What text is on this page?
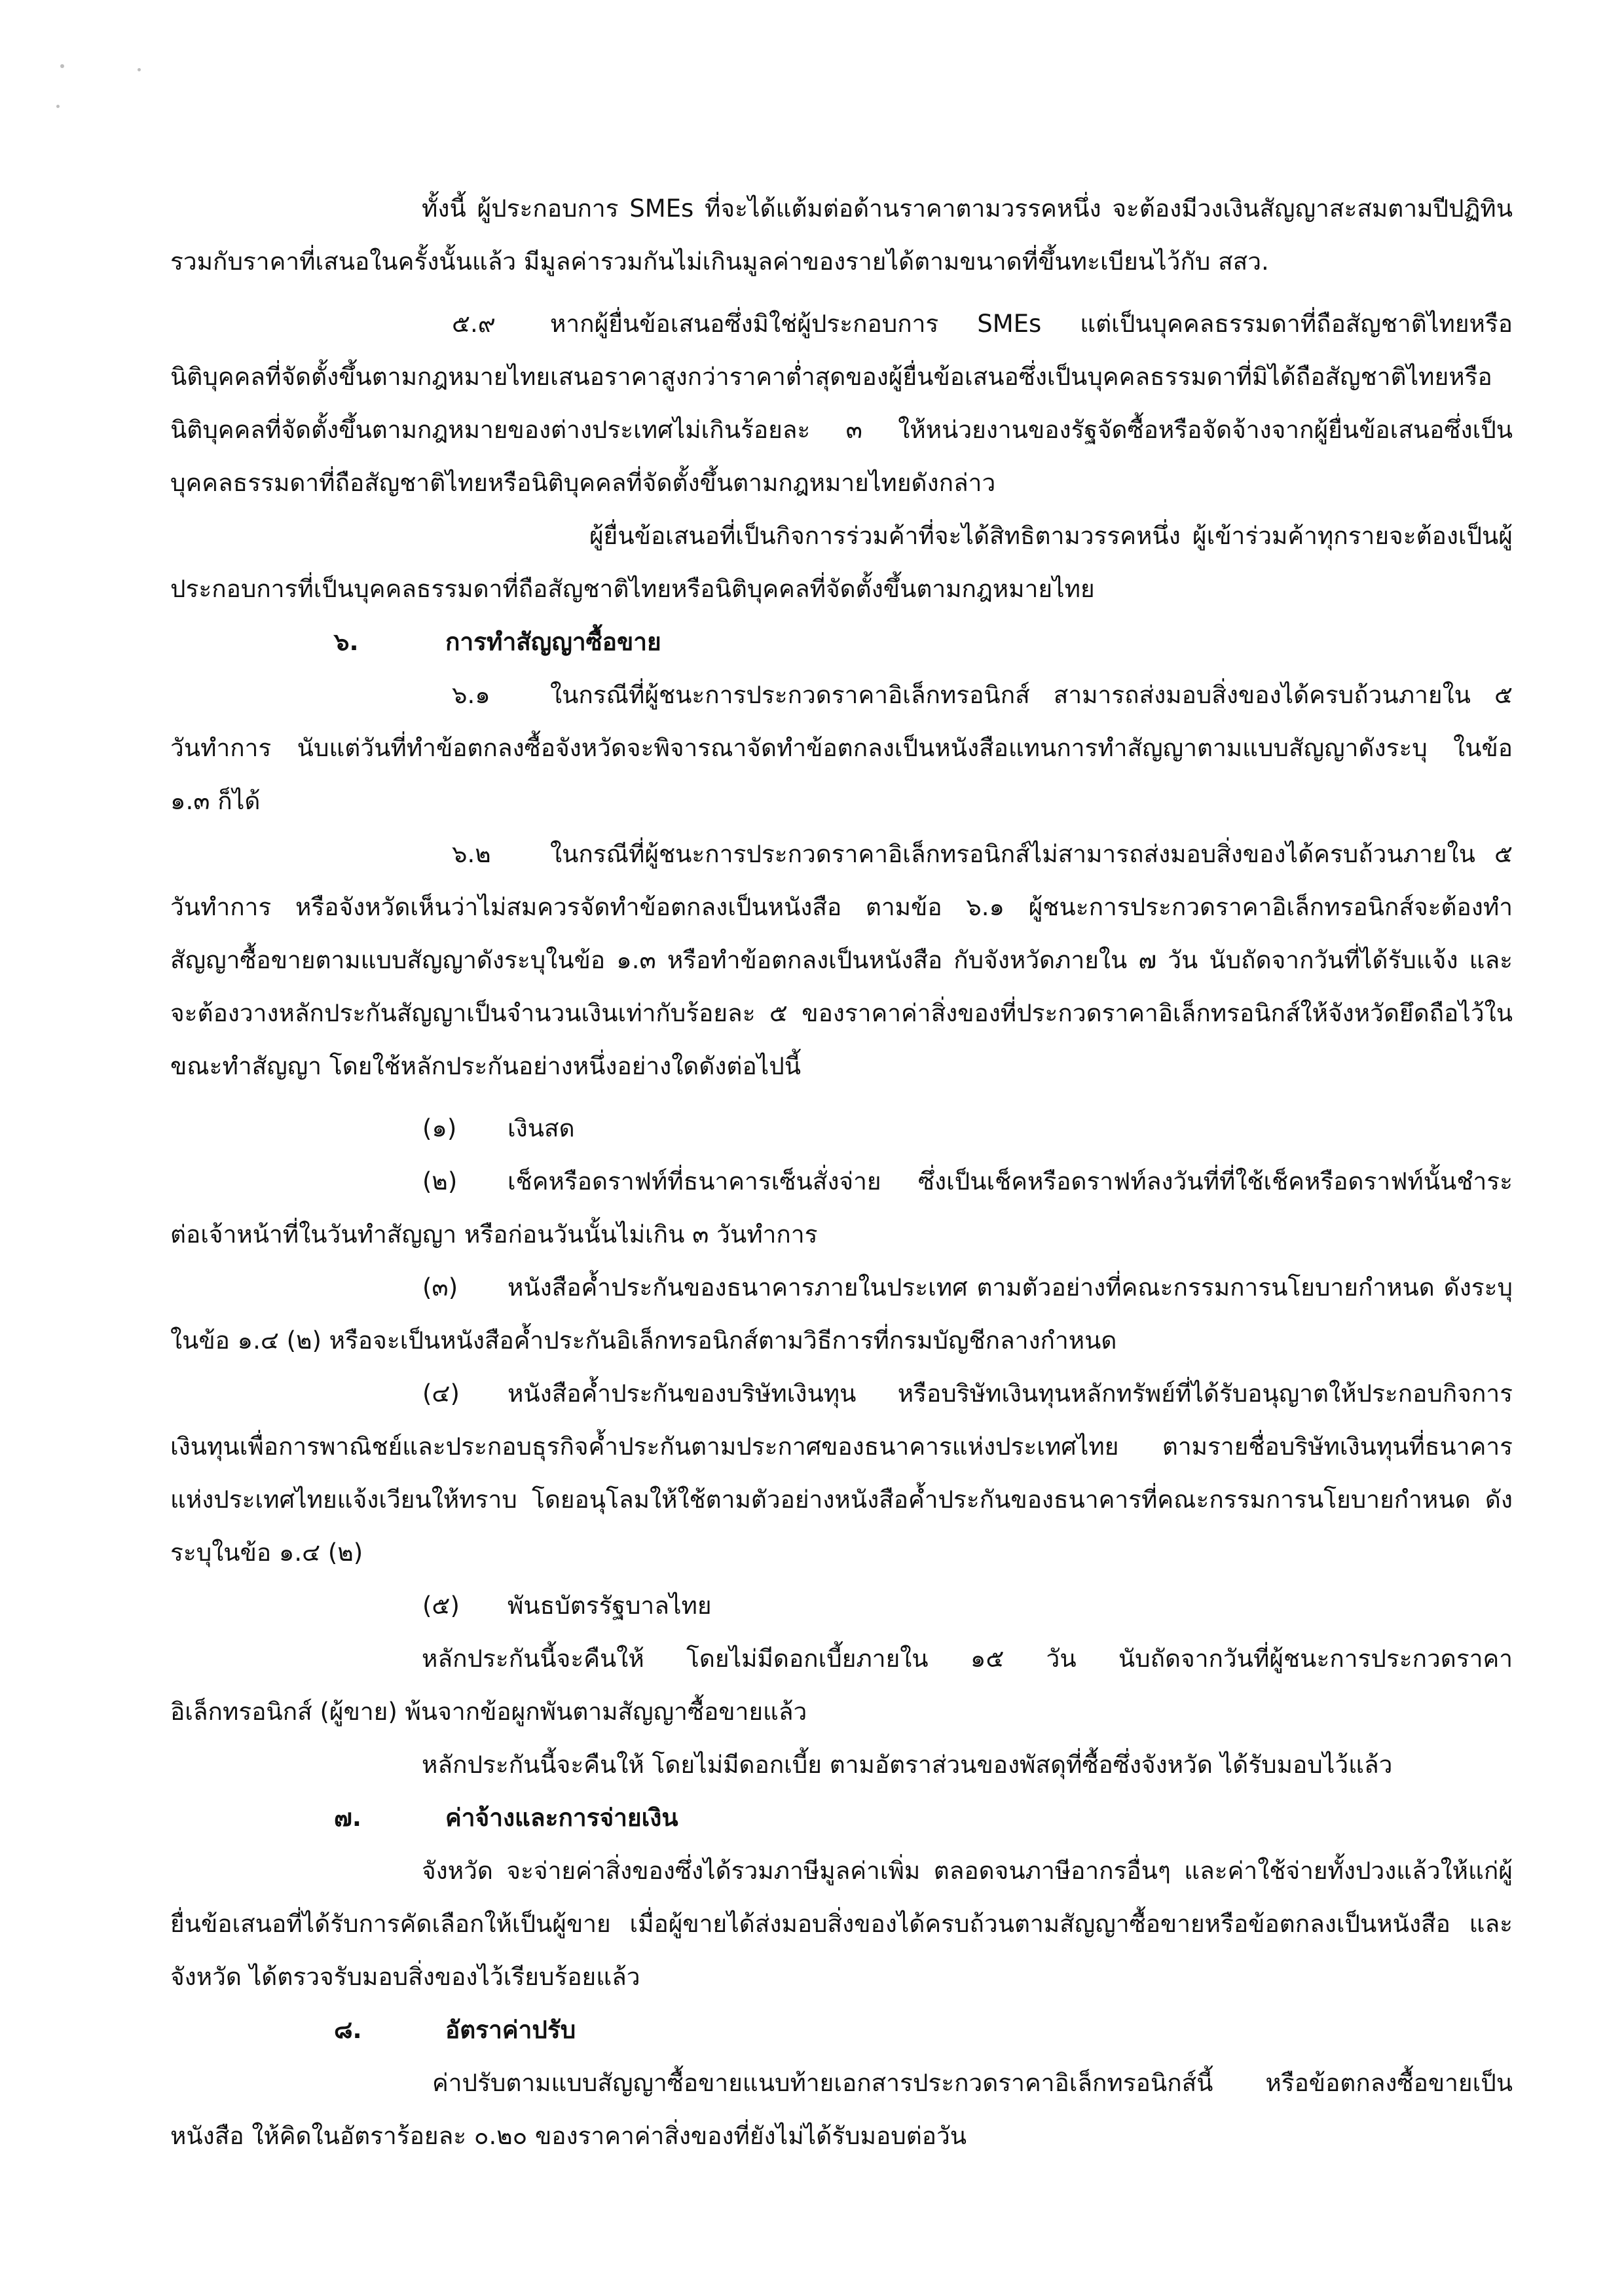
ทั้งนี้ ผู้ประกอบการ SMEs ที่จะได้แต้มต่อด้านราคาตามวรรคหนึ่ง จะต้องมีวงเงินสัญญาสะสมตามปีปฏิทินรวมกับราคาที่เสนอในครั้งนั้นแล้ว มีมูลค่ารวมกันไม่เกินมูลค่าของรายได้ตามขนาดที่ขึ้นทะเบียนไว้กับ สสว.

๕.๙ หากผู้ยื่นข้อเสนอซึ่งมิใช่ผู้ประกอบการ SMEs แต่เป็นบุคคลธรรมดาที่ถือสัญชาติไทยหรือนิติบุคคลที่จัดตั้งขึ้นตามกฎหมายไทยเสนอราคาสูงกว่าราคาต่ำสุดของผู้ยื่นข้อเสนอซึ่งเป็นบุคคลธรรมดาที่มิได้ถือสัญชาติไทยหรือนิติบุคคลที่จัดตั้งขึ้นตามกฎหมายของต่างประเทศไม่เกินร้อยละ ๓ ให้หน่วยงานของรัฐจัดซื้อหรือจัดจ้างจากผู้ยื่นข้อเสนอซึ่งเป็นบุคคลธรรมดาที่ถือสัญชาติไทยหรือนิติบุคคลที่จัดตั้งขึ้นตามกฎหมายไทยดังกล่าว

ผู้ยื่นข้อเสนอที่เป็นกิจการร่วมค้าที่จะได้สิทธิตามวรรคหนึ่ง ผู้เข้าร่วมค้าทุกรายจะต้องเป็นผู้ประกอบการที่เป็นบุคคลธรรมดาที่ถือสัญชาติไทยหรือนิติบุคคลที่จัดตั้งขึ้นตามกฎหมายไทย

๖.	การทำสัญญาซื้อขาย

๖.๑ ในกรณีที่ผู้ชนะการประกวดราคาอิเล็กทรอนิกส์ สามารถส่งมอบสิ่งของได้ครบถ้วนภายใน ๕ วันทำการ นับแต่วันที่ทำข้อตกลงซื้อจังหวัดจะพิจารณาจัดทำข้อตกลงเป็นหนังสือแทนการทำสัญญาตามแบบสัญญาดังระบุ ในข้อ ๑.๓ ก็ได้

๖.๒ ในกรณีที่ผู้ชนะการประกวดราคาอิเล็กทรอนิกส์ไม่สามารถส่งมอบสิ่งของได้ครบถ้วนภายใน ๕ วันทำการ หรือจังหวัดเห็นว่าไม่สมควรจัดทำข้อตกลงเป็นหนังสือ ตามข้อ ๖.๑ ผู้ชนะการประกวดราคาอิเล็กทรอนิกส์จะต้องทำสัญญาซื้อขายตามแบบสัญญาดังระบุในข้อ ๑.๓ หรือทำข้อตกลงเป็นหนังสือ กับจังหวัดภายใน ๗ วัน นับถัดจากวันที่ได้รับแจ้ง และจะต้องวางหลักประกันสัญญาเป็นจำนวนเงินเท่ากับร้อยละ ๕ ของราคาค่าสิ่งของที่ประกวดราคาอิเล็กทรอนิกส์ให้จังหวัดยึดถือไว้ในขณะทำสัญญา โดยใช้หลักประกันอย่างหนึ่งอย่างใดดังต่อไปนี้

(๑) เงินสด

(๒) เช็คหรือดราฟท์ที่ธนาคารเซ็นสั่งจ่าย ซึ่งเป็นเช็คหรือดราฟท์ลงวันที่ที่ใช้เช็คหรือดราฟท์นั้นชำระต่อเจ้าหน้าที่ในวันทำสัญญา หรือก่อนวันนั้นไม่เกิน ๓ วันทำการ

(๓) หนังสือค้ำประกันของธนาคารภายในประเทศ ตามตัวอย่างที่คณะกรรมการนโยบายกำหนด ดังระบุในข้อ ๑.๔ (๒) หรือจะเป็นหนังสือค้ำประกันอิเล็กทรอนิกส์ตามวิธีการที่กรมบัญชีกลางกำหนด

(๔) หนังสือค้ำประกันของบริษัทเงินทุน หรือบริษัทเงินทุนหลักทรัพย์ที่ได้รับอนุญาตให้ประกอบกิจการเงินทุนเพื่อการพาณิชย์และประกอบธุรกิจค้ำประกันตามประกาศของธนาคารแห่งประเทศไทย ตามรายชื่อบริษัทเงินทุนที่ธนาคารแห่งประเทศไทยแจ้งเวียนให้ทราบ โดยอนุโลมให้ใช้ตามตัวอย่างหนังสือค้ำประกันของธนาคารที่คณะกรรมการนโยบายกำหนด ดังระบุในข้อ ๑.๔ (๒)

(๕) พันธบัตรรัฐบาลไทย

หลักประกันนี้จะคืนให้ โดยไม่มีดอกเบี้ยภายใน ๑๕ วัน นับถัดจากวันที่ผู้ชนะการประกวดราคาอิเล็กทรอนิกส์ (ผู้ขาย) พ้นจากข้อผูกพันตามสัญญาซื้อขายแล้ว

หลักประกันนี้จะคืนให้ โดยไม่มีดอกเบี้ย ตามอัตราส่วนของพัสดุที่ซื้อซึ่งจังหวัด ได้รับมอบไว้แล้ว

๗.	ค่าจ้างและการจ่ายเงิน

จังหวัด จะจ่ายค่าสิ่งของซึ่งได้รวมภาษีมูลค่าเพิ่ม ตลอดจนภาษีอากรอื่นๆ และค่าใช้จ่ายทั้งปวงแล้วให้แก่ผู้ยื่นข้อเสนอที่ได้รับการคัดเลือกให้เป็นผู้ขาย เมื่อผู้ขายได้ส่งมอบสิ่งของได้ครบถ้วนตามสัญญาซื้อขายหรือข้อตกลงเป็นหนังสือ และจังหวัด ได้ตรวจรับมอบสิ่งของไว้เรียบร้อยแล้ว

๘.	อัตราค่าปรับ

ค่าปรับตามแบบสัญญาซื้อขายแนบท้ายเอกสารประกวดราคาอิเล็กทรอนิกส์นี้ หรือข้อตกลงซื้อขายเป็นหนังสือ ให้คิดในอัตราร้อยละ ๐.๒๐ ของราคาค่าสิ่งของที่ยังไม่ได้รับมอบต่อวัน
